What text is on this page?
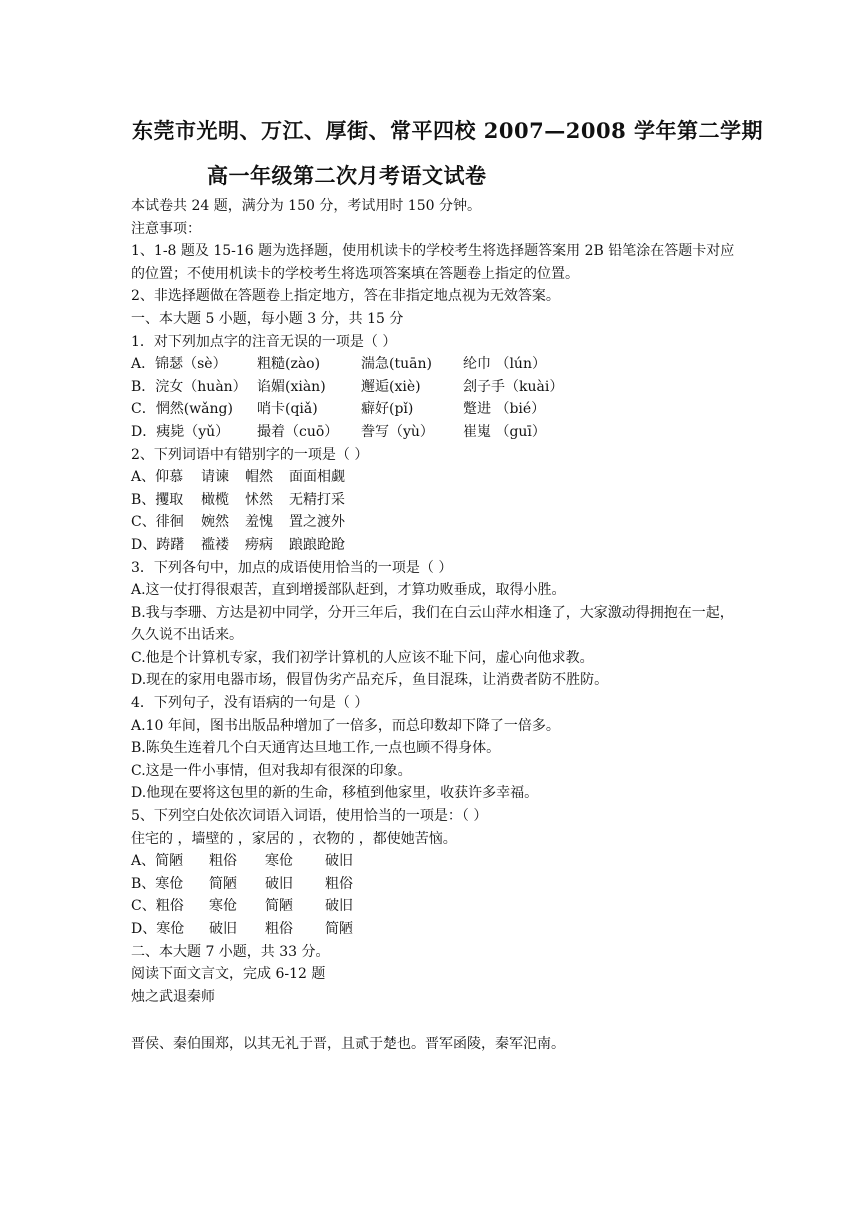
东莞市光明、万江、厚街、常平四校 2007—2008 学年第二学期
高一年级第二次月考语文试卷
本试卷共 24 题，满分为 150 分，考试用时 150 分钟。
注意事项：
1、1-8 题及 15-16 题为选择题，使用机读卡的学校考生将选择题答案用 2B 铅笔涂在答题卡对应的位置；不使用机读卡的学校考生将选项答案填在答题卷上指定的位置。
2、非选择题做在答题卷上指定地方，答在非指定地点视为无效答案。
一、本大题 5 小题，每小题 3 分，共 15 分
1．对下列加点字的注音无误的一项是（ ）
A．锦瑟（sè） 粗糙(zào)	湍急(tuān) 纶巾 （lún）
B．浣女（huàn） 谄媚(xiàn)	邂逅(xiè)	刽子手（kuài）
C．惘然(wǎng) 哨卡(qiǎ)	癖好(pǐ)	蹩进 （bié）
D．痍毙（yǔ） 撮着（cuō） 誊写（yù） 崔嵬 （guī）
2、下列词语中有错别字的一项是（ ）
A、仰慕 请谏 帽然 面面相觑
B、攫取 橄榄 怵然 无精打采
C、徘徊 婉然 羞愧 置之渡外
D、踌躇 褴褛 痨病 踉踉跄跄
3．下列各句中，加点的成语使用恰当的一项是（ ）
A.这一仗打得很艰苦，直到增援部队赶到，才算功败垂成，取得小胜。
B.我与李珊、方达是初中同学，分开三年后，我们在白云山萍水相逢了，大家激动得拥抱在一起，久久说不出话来。
C.他是个计算机专家，我们初学计算机的人应该不耻下问，虚心向他求教。
D.现在的家用电器市场，假冒伪劣产品充斥，鱼目混珠，让消费者防不胜防。
4．下列句子，没有语病的一句是（ ）
A.10 年间，图书出版品种增加了一倍多，而总印数却下降了一倍多。
B.陈奂生连着几个白天通宵达旦地工作,一点也顾不得身体。
C.这是一件小事情，但对我却有很深的印象。
D.他现在要将这包里的新的生命，移植到他家里，收获许多幸福。
5、下列空白处依次词语入词语，使用恰当的一项是：（ ）
住宅的 ，墙壁的 ，家居的 ，衣物的 ，都使她苦恼。
A、简陋 粗俗 寒伧 破旧
B、寒伧 简陋 破旧 粗俗
C、粗俗 寒伧 简陋 破旧
D、寒伧 破旧 粗俗 简陋
二、本大题 7 小题，共 33 分。
阅读下面文言文，完成 6-12 题
烛之武退秦师
晋侯、秦伯围郑，以其无礼于晋，且贰于楚也。晋军函陵，秦军汜南。
